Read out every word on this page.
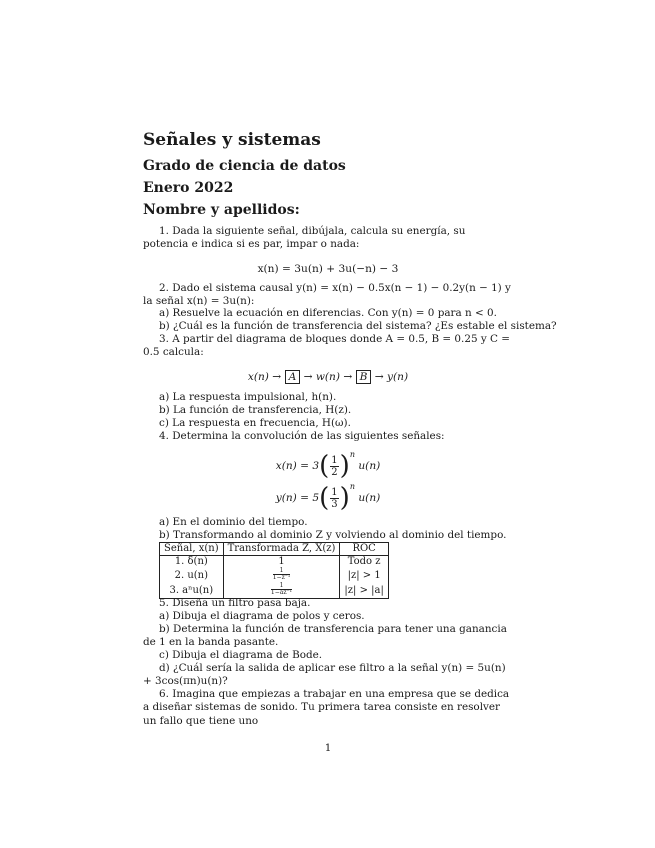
Señales y sistemas
Grado de ciencia de datos
Enero 2022
Nombre y apellidos:
1. Dada la siguiente señal, dibújala, calcula su energía, su potencia e indica si es par, impar o nada:
x(n) = 3u(n) + 3u(−n) − 3
2. Dado el sistema causal y(n) = x(n) − 0.5x(n − 1) − 0.2y(n − 1) y la señal x(n) = 3u(n):
a) Resuelve la ecuación en diferencias. Con y(n) = 0 para n < 0.
b) ¿Cuál es la función de transferencia del sistema? ¿Es estable el sistema?
3. A partir del diagrama de bloques donde A = 0.5, B = 0.25 y C = 0.5 calcula:
x(n) → A → w(n) → B → y(n)
a) La respuesta impulsional, h(n).
b) La función de transferencia, H(z).
c) La respuesta en frecuencia, H(ω).
4. Determina la convolución de las siguientes señales:
$x(n) = 3( \frac{1}{2} )^n$ u(n)
$y(n) = 5( \frac{1}{3} )^n$ u(n)
a) En el dominio del tiempo.
b) Transformando al dominio Z y volviendo al dominio del tiempo.
Señal, x(n)	Transformada Z, X(z)	ROC
1. δ(n)	1	Todo z
2. u(n)	$\frac{1}{\text{1−z⁻¹}}$	|z| > 1
3. aⁿu(n)	$\frac{1}{\text{1−az⁻¹}}$	|z| > |a|
5. Diseña un filtro pasa baja.
a) Dibuja el diagrama de polos y ceros.
b) Determina la función de transferencia para tener una ganancia de 1 en la banda pasante.
c) Dibuja el diagrama de Bode.
d) ¿Cuál sería la salida de aplicar ese filtro a la señal y(n) = 5u(n) + 3cos(πn)u(n)?
6. Imagina que empiezas a trabajar en una empresa que se dedica a diseñar sistemas de sonido. Tu primera tarea consiste en resolver un fallo que tiene uno
1
